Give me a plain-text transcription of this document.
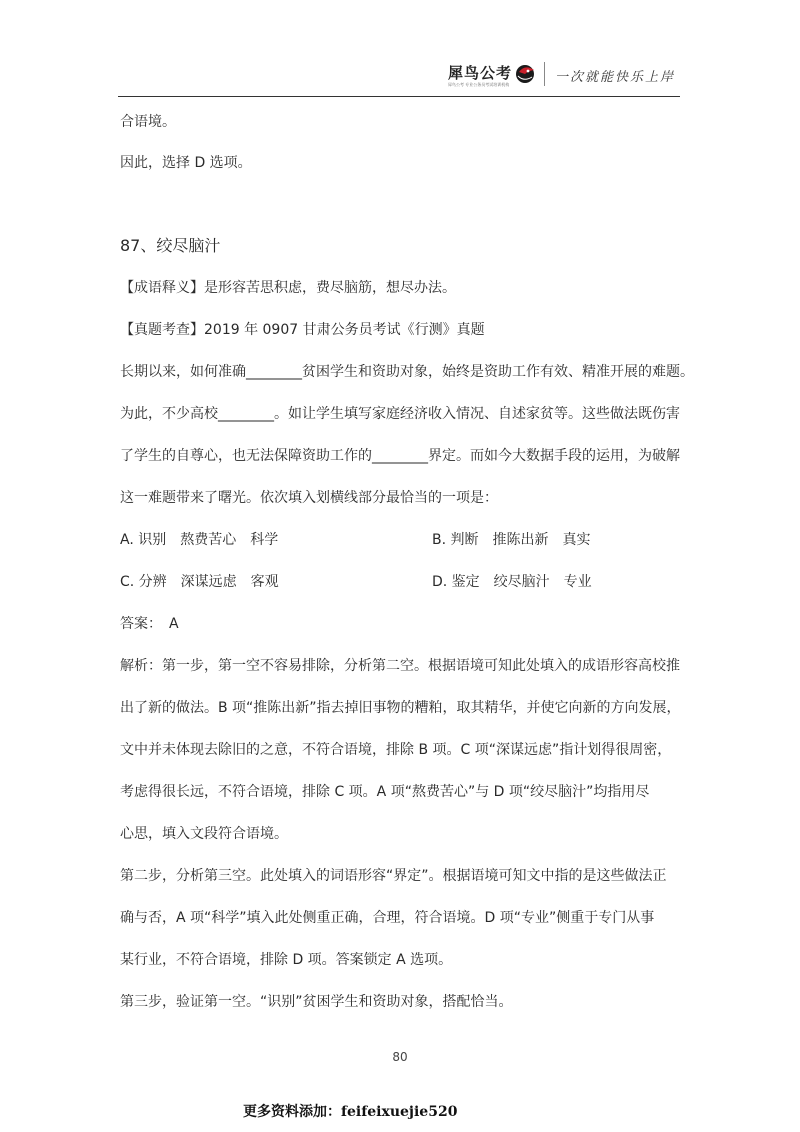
犀鸟公考
犀鸟公考 专业公务员考试培训机构	一次就能快乐上岸
合语境。
因此，选择 D 选项。
87、绞尽脑汁
【成语释义】是形容苦思积虑，费尽脑筋，想尽办法。
【真题考查】2019 年 0907 甘肃公务员考试《行测》真题
长期以来，如何准确________贫困学生和资助对象，始终是资助工作有效、精准开展的难题。
为此，不少高校________。如让学生填写家庭经济收入情况、自述家贫等。这些做法既伤害
了学生的自尊心，也无法保障资助工作的________界定。而如今大数据手段的运用，为破解
这一难题带来了曙光。依次填入划横线部分最恰当的一项是：
A. 识别　熬费苦心　科学	B. 判断　推陈出新　真实
C. 分辨　深谋远虑　客观	D. 鉴定　绞尽脑汁　专业
答案：　A
解析：第一步，第一空不容易排除，分析第二空。根据语境可知此处填入的成语形容高校推
出了新的做法。B 项“推陈出新”指去掉旧事物的糟粕，取其精华，并使它向新的方向发展，
文中并未体现去除旧的之意，不符合语境，排除 B 项。C 项“深谋远虑”指计划得很周密，
考虑得很长远，不符合语境，排除 C 项。A 项“熬费苦心”与 D 项“绞尽脑汁”均指用尽
心思，填入文段符合语境。
第二步，分析第三空。此处填入的词语形容“界定”。根据语境可知文中指的是这些做法正
确与否，A 项“科学”填入此处侧重正确，合理，符合语境。D 项“专业”侧重于专门从事
某行业，不符合语境，排除 D 项。答案锁定 A 选项。
第三步，验证第一空。“识别”贫困学生和资助对象，搭配恰当。
80
更多资料添加：feifeixuejie520
